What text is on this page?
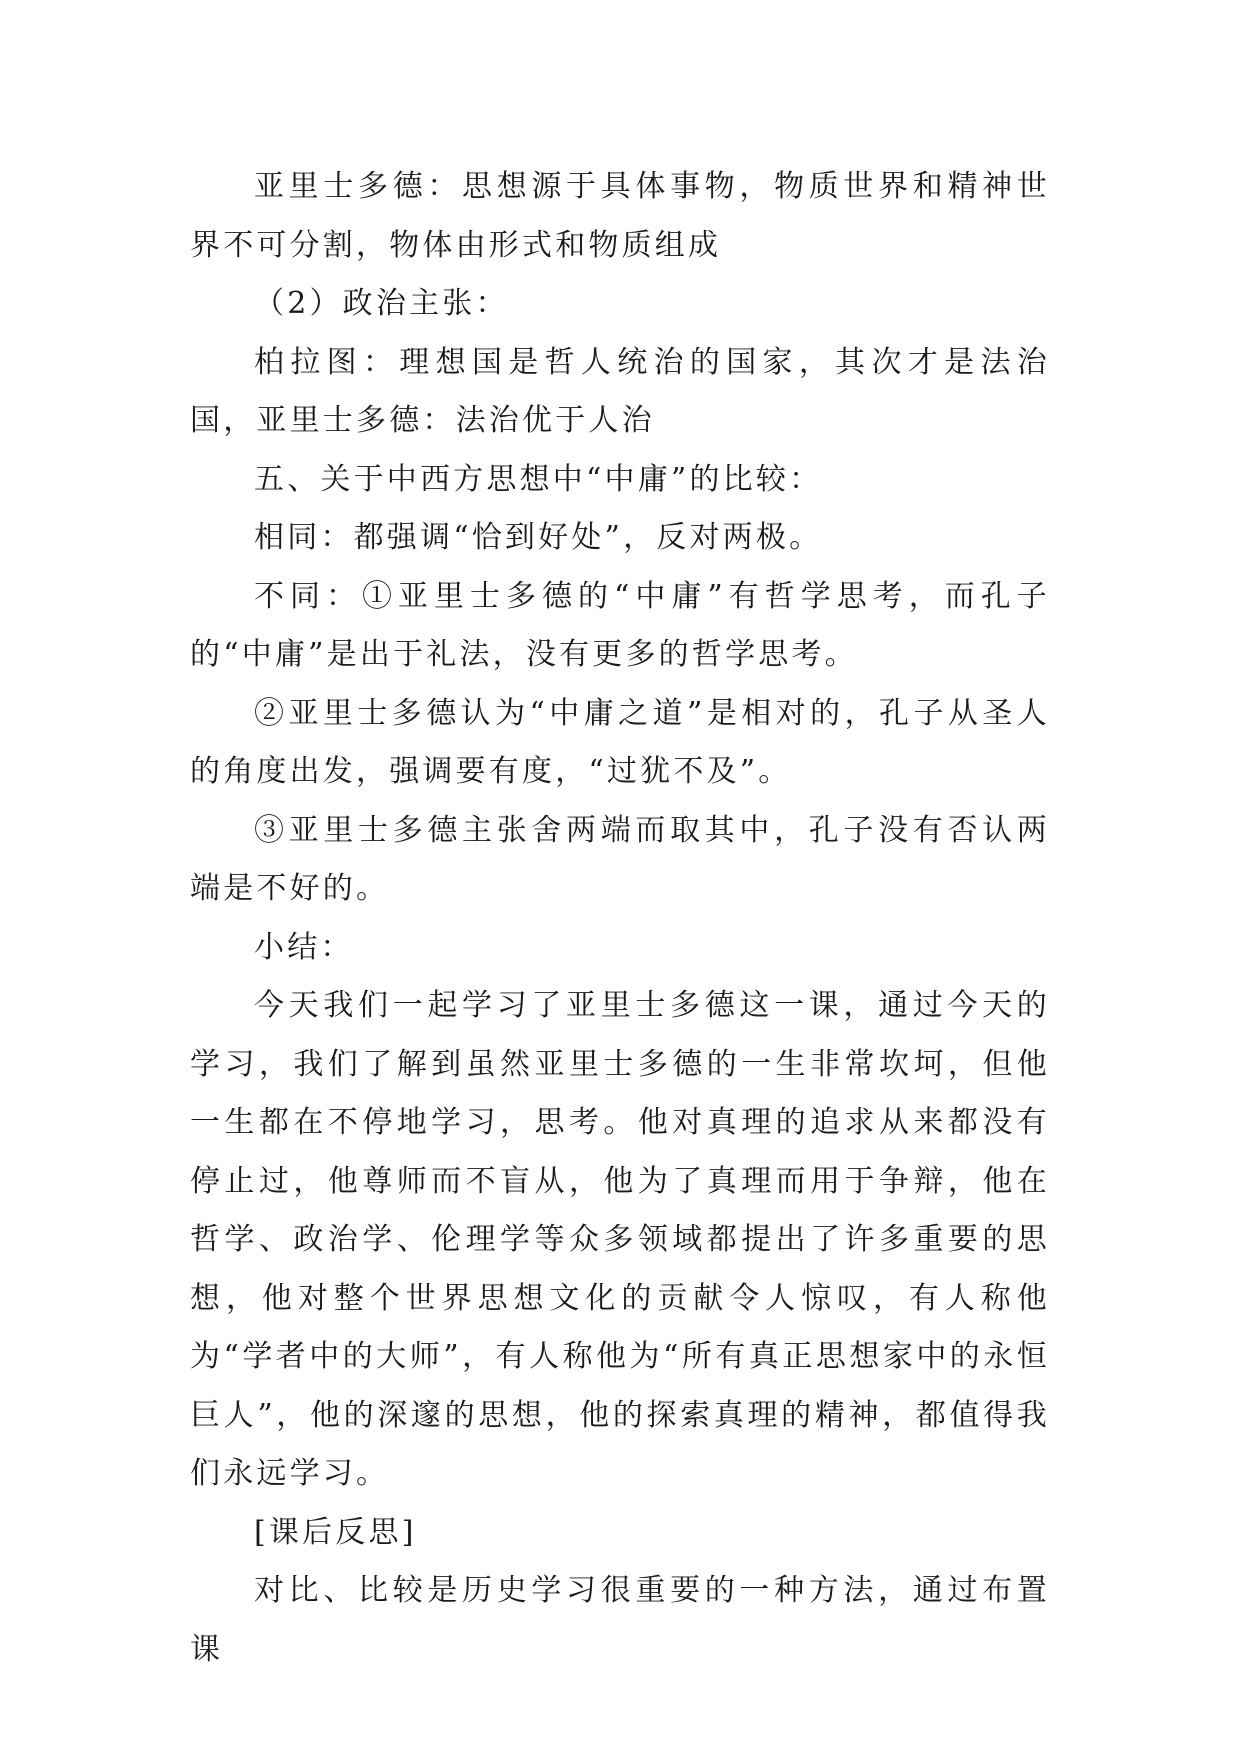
亚里士多德：思想源于具体事物，物质世界和精神世界不可分割，物体由形式和物质组成

（2）政治主张：

柏拉图：理想国是哲人统治的国家，其次才是法治国，亚里士多德：法治优于人治

五、关于中西方思想中“中庸”的比较：

相同：都强调“恰到好处”，反对两极。

不同：①亚里士多德的“中庸”有哲学思考，而孔子的“中庸”是出于礼法，没有更多的哲学思考。

②亚里士多德认为“中庸之道”是相对的，孔子从圣人的角度出发，强调要有度，“过犹不及”。

③亚里士多德主张舍两端而取其中，孔子没有否认两端是不好的。

小结：

今天我们一起学习了亚里士多德这一课，通过今天的学习，我们了解到虽然亚里士多德的一生非常坎坷，但他一生都在不停地学习，思考。他对真理的追求从来都没有停止过，他尊师而不盲从，他为了真理而用于争辩，他在哲学、政治学、伦理学等众多领域都提出了许多重要的思想，他对整个世界思想文化的贡献令人惊叹，有人称他为“学者中的大师”，有人称他为“所有真正思想家中的永恒巨人”，他的深邃的思想，他的探索真理的精神，都值得我们永远学习。

[课后反思]

对比、比较是历史学习很重要的一种方法，通过布置课
